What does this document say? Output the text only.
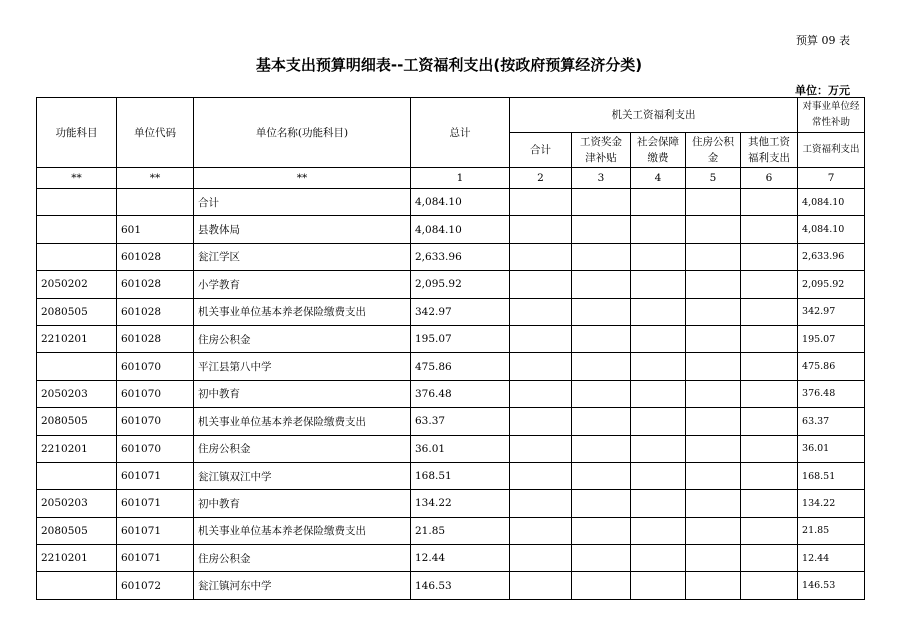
预算 09 表
基本支出预算明细表--工资福利支出(按政府预算经济分类)
单位：万元
功能科目	单位代码	单位名称(功能科目)	总计	机关工资福利支出					对事业单位经常性补助
				合计	工资奖金津补贴	社会保障缴费	住房公积金	其他工资福利支出	工资福利支出
**	**	**	1	2	3	4	5	6	7
		合计	4,084.10						4,084.10
	601	县教体局	4,084.10						4,084.10
	601028	瓮江学区	2,633.96						2,633.96
2050202	601028	小学教育	2,095.92						2,095.92
2080505	601028	机关事业单位基本养老保险缴费支出	342.97						342.97
2210201	601028	住房公积金	195.07						195.07
	601070	平江县第八中学	475.86						475.86
2050203	601070	初中教育	376.48						376.48
2080505	601070	机关事业单位基本养老保险缴费支出	63.37						63.37
2210201	601070	住房公积金	36.01						36.01
	601071	瓮江镇双江中学	168.51						168.51
2050203	601071	初中教育	134.22						134.22
2080505	601071	机关事业单位基本养老保险缴费支出	21.85						21.85
2210201	601071	住房公积金	12.44						12.44
	601072	瓮江镇河东中学	146.53						146.53
